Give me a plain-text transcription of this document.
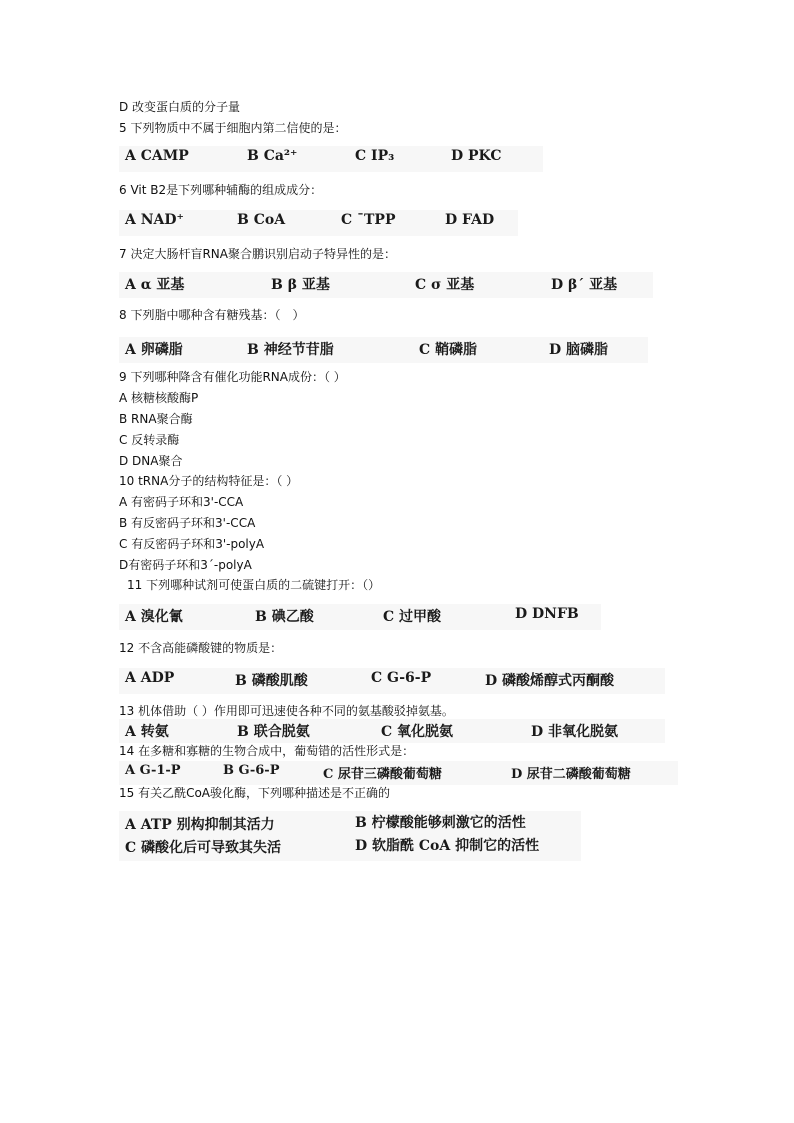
D 改变蛋白质的分子量
5 下列物质中不属于细胞内第二信使的是：
A CAMP	B Ca²⁺	C IP₃	D PKC
6 Vit B2是下列哪种辅酶的组成成分：
A NAD⁺	B CoA	C ˉTPP	D FAD
7 决定大肠杆盲RNA聚合鹏识别启动子特异性的是：
A α 亚基	B β 亚基	C σ 亚基	D β´ 亚基
8 下列脂中哪种含有糖残基：（　）
A 卵磷脂	B 神经节苷脂	C 鞘磷脂	D 脑磷脂
9 下列哪种降含有催化功能RNA成份：（ ）
A 核糖核酸酶P
B RNA聚合酶
C 反转录酶
D DNA聚合
10 tRNA分子的结构特征是：（ ）
A 有密码子环和3'-CCA
B 有反密码子环和3'-CCA
C 有反密码子环和3'-polyA
D有密码子环和3ˊ-polyA
11 下列哪种试剂可使蛋白质的二硫键打开：（）
A 溴化氰	B 碘乙酸	C 过甲酸	D DNFB
12 不含高能磷酸键的物质是：
A ADP	B 磷酸肌酸	C G-6-P	D 磷酸烯醇式丙酮酸
13 机体借助（ ）作用即可迅速使各种不同的氨基酸驳掉氨基。
A 转氨	B 联合脱氨	C 氧化脱氨	D 非氧化脱氨
14 在多糖和寡糖的生物合成中，葡萄错的活性形式是：
A G-1-P	B G-6-P	C 尿苷三磷酸葡萄糖	D 尿苷二磷酸葡萄糖
15 有关乙酰CoA骏化酶，下列哪种描述是不正确的
A ATP 别构抑制其活力	B 柠檬酸能够刺激它的活性
C 磷酸化后可导致其失活	D 软脂酰 CoA 抑制它的活性
